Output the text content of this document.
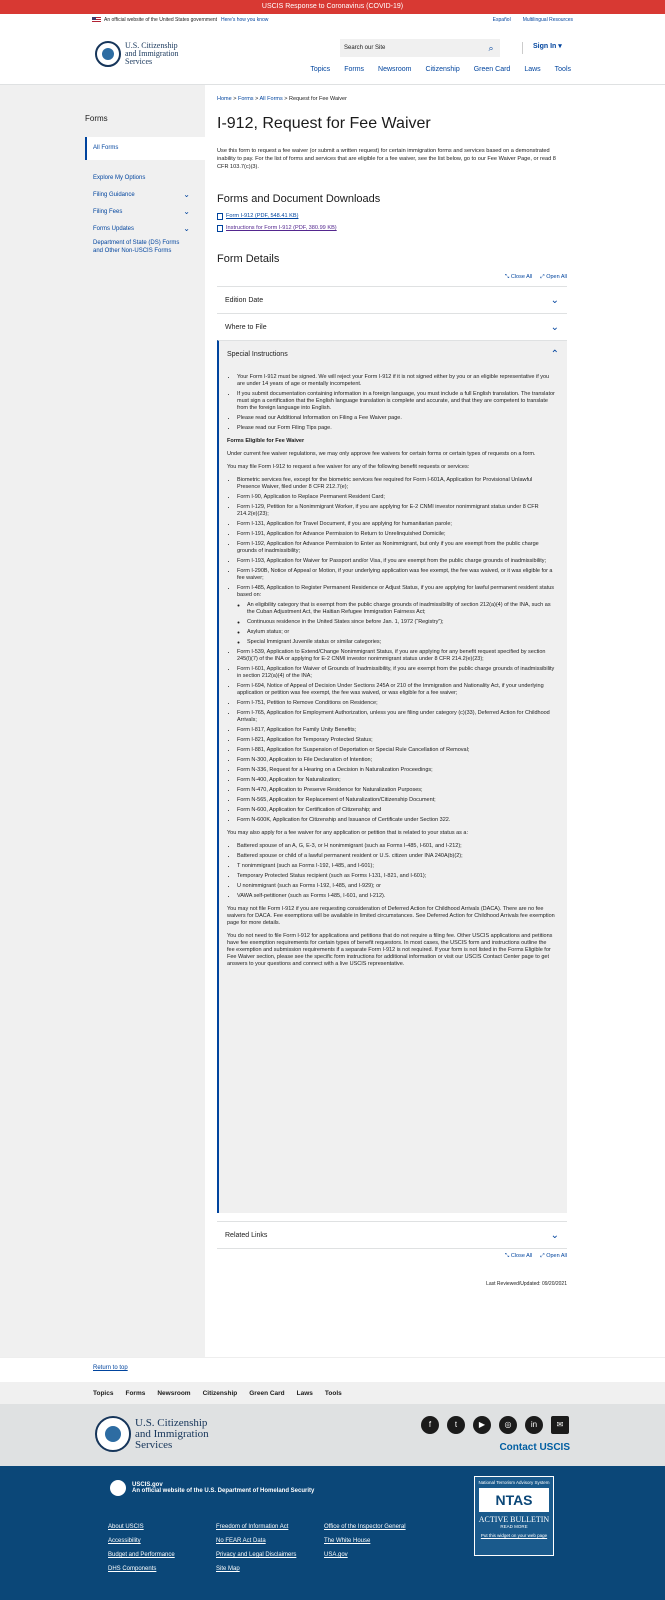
USCIS Response to Coronavirus (COVID-19)
An official website of the United States government Here's how you know	Español Multilingual Resources
U.S. Citizenship
and Immigration
Services
Search our Site	⌕	Sign In ▾
Topics Forms Newsroom Citizenship Green Card Laws Tools
Forms
All Forms
Explore My Options
Filing Guidance	⌄
Filing Fees	⌄
Forms Updates	⌄
Department of State (DS) Forms and Other Non-USCIS Forms
Home > Forms > All Forms > Request for Fee Waiver
I-912, Request for Fee Waiver

Use this form to request a fee waiver (or submit a written request) for certain immigration forms and services based on a demonstrated inability to pay. For the list of forms and services that are eligible for a fee waiver, see the list below, go to our Fee Waiver Page, or read 8 CFR 103.7(c)(3).

Forms and Document Downloads
Form I-912 (PDF, 548.41 KB)
Instructions for Form I-912 (PDF, 380.99 KB)
Form Details
⤡ Close All ⤢ Open All
Edition Date	⌄
Where to File	⌄
Special Instructions	⌃
• Your Form I-912 must be signed. We will reject your Form I-912 if it is not signed either by you or an eligible representative if you are under 14 years of age or mentally incompetent.
• If you submit documentation containing information in a foreign language, you must include a full English translation. The translator must sign a certification that the English language translation is complete and accurate, and that they are competent to translate from the foreign language into English.
• Please read our Additional Information on Filing a Fee Waiver page.
• Please read our Form Filing Tips page.

Forms Eligible for Fee Waiver

Under current fee waiver regulations, we may only approve fee waivers for certain forms or certain types of requests on a form.

You may file Form I-912 to request a fee waiver for any of the following benefit requests or services:

• Biometric services fee, except for the biometric services fee required for Form I-601A, Application for Provisional Unlawful Presence Waiver, filed under 8 CFR 212.7(e);
• Form I-90, Application to Replace Permanent Resident Card;
• Form I-129, Petition for a Nonimmigrant Worker, if you are applying for E-2 CNMI investor nonimmigrant status under 8 CFR 214.2(e)(23);
• Form I-131, Application for Travel Document, if you are applying for humanitarian parole;
• Form I-191, Application for Advance Permission to Return to Unrelinquished Domicile;
• Form I-192, Application for Advance Permission to Enter as Nonimmigrant, but only if you are exempt from the public charge grounds of inadmissibility;
• Form I-193, Application for Waiver for Passport and/or Visa, if you are exempt from the public charge grounds of inadmissibility;
• Form I-290B, Notice of Appeal or Motion, if your underlying application was fee exempt, the fee was waived, or it was eligible for a fee waiver;
• Form I-485, Application to Register Permanent Residence or Adjust Status, if you are applying for lawful permanent resident status based on:
◦ An eligibility category that is exempt from the public charge grounds of inadmissibility of section 212(a)(4) of the INA, such as the Cuban Adjustment Act, the Haitian Refugee Immigration Fairness Act;
◦ Continuous residence in the United States since before Jan. 1, 1972 (“Registry”);
◦ Asylum status; or
◦ Special Immigrant Juvenile status or similar categories;
• Form I-539, Application to Extend/Change Nonimmigrant Status, if you are applying for any benefit request specified by section 245(l)(7) of the INA or applying for E-2 CNMI investor nonimmigrant status under 8 CFR 214.2(e)(23);
• Form I-601, Application for Waiver of Grounds of Inadmissibility, if you are exempt from the public charge grounds of inadmissibility in section 212(a)(4) of the INA;
• Form I-694, Notice of Appeal of Decision Under Sections 245A or 210 of the Immigration and Nationality Act, if your underlying application or petition was fee exempt, the fee was waived, or was eligible for a fee waiver;
• Form I-751, Petition to Remove Conditions on Residence;
• Form I-765, Application for Employment Authorization, unless you are filing under category (c)(33), Deferred Action for Childhood Arrivals;
• Form I-817, Application for Family Unity Benefits;
• Form I-821, Application for Temporary Protected Status;
• Form I-881, Application for Suspension of Deportation or Special Rule Cancellation of Removal;
• Form N-300, Application to File Declaration of Intention;
• Form N-336, Request for a Hearing on a Decision in Naturalization Proceedings;
• Form N-400, Application for Naturalization;
• Form N-470, Application to Preserve Residence for Naturalization Purposes;
• Form N-565, Application for Replacement of Naturalization/Citizenship Document;
• Form N-600, Application for Certification of Citizenship; and
• Form N-600K, Application for Citizenship and Issuance of Certificate under Section 322.

You may also apply for a fee waiver for any application or petition that is related to your status as a:

• Battered spouse of an A, G, E-3, or H nonimmigrant (such as Forms I-485, I-601, and I-212);
• Battered spouse or child of a lawful permanent resident or U.S. citizen under INA 240A(b)(2);
• T nonimmigrant (such as Forms I-192, I-485, and I-601);
• Temporary Protected Status recipient (such as Forms I-131, I-821, and I-601);
• U nonimmigrant (such as Forms I-192, I-485, and I-929); or
• VAWA self-petitioner (such as Forms I-485, I-601, and I-212).

You may not file Form I-912 if you are requesting consideration of Deferred Action for Childhood Arrivals (DACA). There are no fee waivers for DACA. Fee exemptions will be available in limited circumstances. See Deferred Action for Childhood Arrivals fee exemption page for more details.

You do not need to file Form I-912 for applications and petitions that do not require a filing fee. Other USCIS applications and petitions have fee exemption requirements for certain types of benefit requestors. In most cases, the USCIS form and instructions outline the fee exemption and submission requirements if a separate Form I-912 is not required. If your form is not listed in the Forms Eligible for Fee Waiver section, please see the specific form instructions for additional information or visit our USCIS Contact Center page to get answers to your questions and connect with a live USCIS representative.

Related Links	⌄
⤡ Close All ⤢ Open All
Last Reviewed/Updated: 09/20/2021
Return to top
Topics Forms Newsroom Citizenship Green Card Laws Tools
U.S. Citizenship
and Immigration
Services
f	t	▶	◎	in	✉
Contact USCIS
USCIS.gov
An official website of the U.S. Department of Homeland Security
About USCIS	Freedom of Information Act	Office of the Inspector General
Accessibility	No FEAR Act Data	The White House
Budget and Performance	Privacy and Legal Disclaimers	USA.gov
DHS Components	Site Map
National Terrorism Advisory System
NTAS
ACTIVE BULLETIN
READ MORE
Put this widget on your web page
